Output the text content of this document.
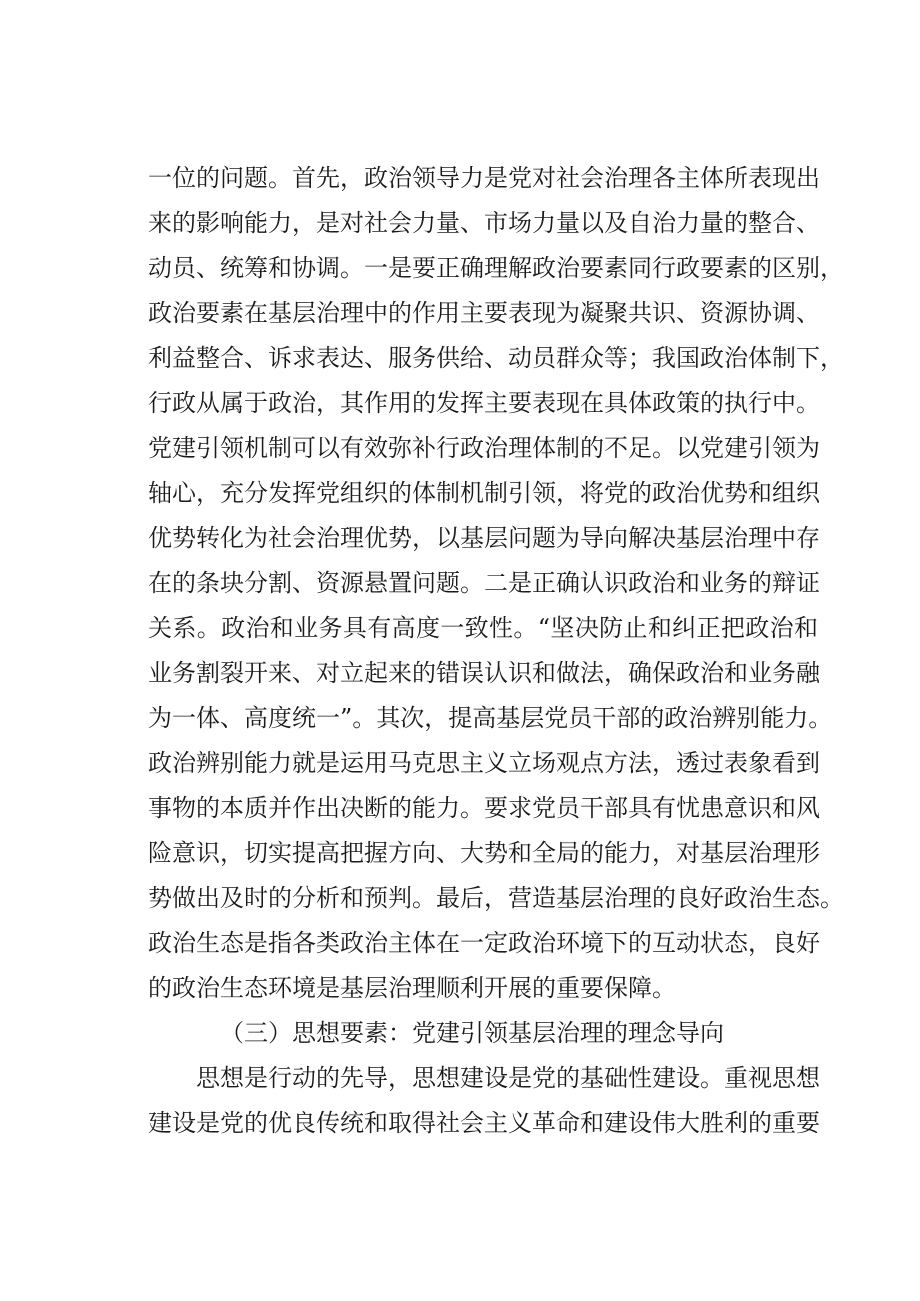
一位的问题。首先，政治领导力是党对社会治理各主体所表现出
来的影响能力，是对社会力量、市场力量以及自治力量的整合、
动员、统筹和协调。一是要正确理解政治要素同行政要素的区别，
政治要素在基层治理中的作用主要表现为凝聚共识、资源协调、
利益整合、诉求表达、服务供给、动员群众等；我国政治体制下，
行政从属于政治，其作用的发挥主要表现在具体政策的执行中。
党建引领机制可以有效弥补行政治理体制的不足。以党建引领为
轴心，充分发挥党组织的体制机制引领，将党的政治优势和组织
优势转化为社会治理优势，以基层问题为导向解决基层治理中存
在的条块分割、资源悬置问题。二是正确认识政治和业务的辩证
关系。政治和业务具有高度一致性。“坚决防止和纠正把政治和
业务割裂开来、对立起来的错误认识和做法，确保政治和业务融
为一体、高度统一”。其次，提高基层党员干部的政治辨别能力。
政治辨别能力就是运用马克思主义立场观点方法，透过表象看到
事物的本质并作出决断的能力。要求党员干部具有忧患意识和风
险意识，切实提高把握方向、大势和全局的能力，对基层治理形
势做出及时的分析和预判。最后，营造基层治理的良好政治生态。
政治生态是指各类政治主体在一定政治环境下的互动状态，良好
的政治生态环境是基层治理顺利开展的重要保障。
（三）思想要素：党建引领基层治理的理念导向
思想是行动的先导，思想建设是党的基础性建设。重视思想
建设是党的优良传统和取得社会主义革命和建设伟大胜利的重要
